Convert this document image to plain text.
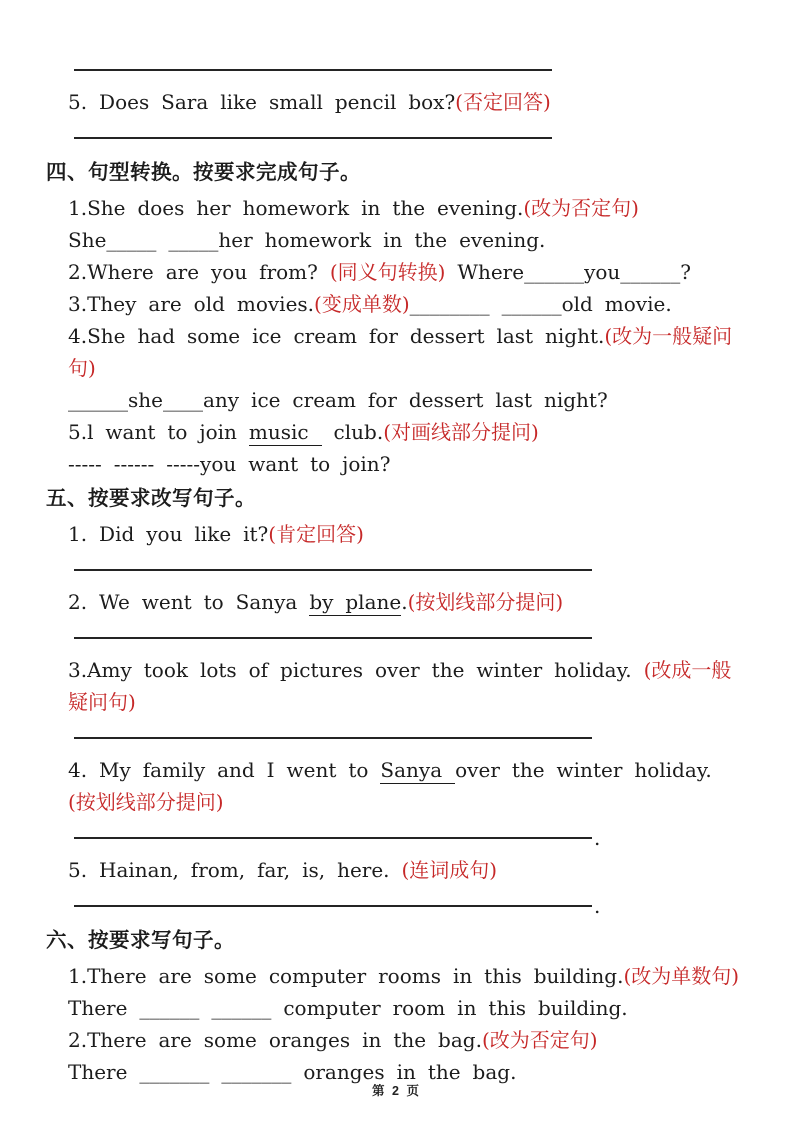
5. Does Sara like small pencil box?(否定回答)
四、句型转换。按要求完成句子。
1.She does her homework in the evening.(改为否定句)
She_____ _____her homework in the evening.
2.Where are you from? (同义句转换) Where______you______?
3.They are old movies.(变成单数)________ ______old movie.
4.She had some ice cream for dessert last night.(改为一般疑问
句)
______she____any ice cream for dessert last night?
5.l want to join music club.(对画线部分提问)
----- ------ -----you want to join?
五、按要求改写句子。
1. Did you like it?(肯定回答)
2. We went to Sanya by plane.(按划线部分提问)
3.Amy took lots of pictures over the winter holiday. (改成一般
疑问句)
4. My family and I went to Sanya over the winter holiday.
(按划线部分提问)
.
5. Hainan, from, far, is, here. (连词成句)
.
六、按要求写句子。
1.There are some computer rooms in this building.(改为单数句)
There ______ ______ computer room in this building.
2.There are some oranges in the bag.(改为否定句)
There _______ _______ oranges in the bag.
第 2 页
